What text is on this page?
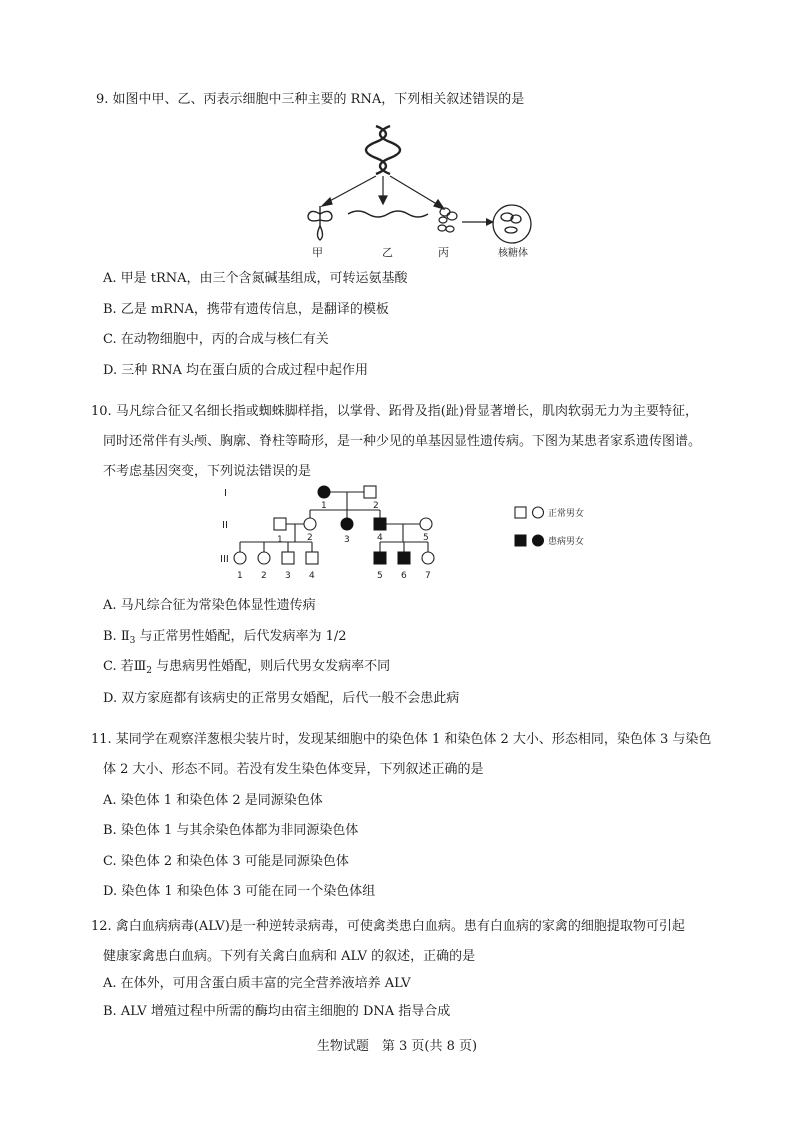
9. 如图中甲、乙、丙表示细胞中三种主要的 RNA，下列相关叙述错误的是
甲	乙	丙	核糖体
A. 甲是 tRNA，由三个含氮碱基组成，可转运氨基酸
B. 乙是 mRNA，携带有遗传信息，是翻译的模板
C. 在动物细胞中，丙的合成与核仁有关
D. 三种 RNA 均在蛋白质的合成过程中起作用
10. 马凡综合征又名细长指或蜘蛛脚样指，以掌骨、跖骨及指(趾)骨显著增长，肌肉软弱无力为主要特征，
同时还常伴有头颅、胸廓、脊柱等畸形，是一种少见的单基因显性遗传病。下图为某患者家系遗传图谱。
不考虑基因突变，下列说法错误的是
I
II
III
1	2
1	2	3	4	5
1 2 3 4	5 6 7
正常男女
患病男女
A. 马凡综合征为常染色体显性遗传病
B. $Ⅱ_3$ 与正常男性婚配，后代发病率为 1/2
C. 若$Ⅲ_2$ 与患病男性婚配，则后代男女发病率不同
D. 双方家庭都有该病史的正常男女婚配，后代一般不会患此病
11. 某同学在观察洋葱根尖装片时，发现某细胞中的染色体 1 和染色体 2 大小、形态相同，染色体 3 与染色
体 2 大小、形态不同。若没有发生染色体变异，下列叙述正确的是
A. 染色体 1 和染色体 2 是同源染色体
B. 染色体 1 与其余染色体都为非同源染色体
C. 染色体 2 和染色体 3 可能是同源染色体
D. 染色体 1 和染色体 3 可能在同一个染色体组
12. 禽白血病病毒(ALV)是一种逆转录病毒，可使禽类患白血病。患有白血病的家禽的细胞提取物可引起
健康家禽患白血病。下列有关禽白血病和 ALV 的叙述，正确的是
A. 在体外，可用含蛋白质丰富的完全营养液培养 ALV
B. ALV 增殖过程中所需的酶均由宿主细胞的 DNA 指导合成
生物试题　第 3 页(共 8 页)
